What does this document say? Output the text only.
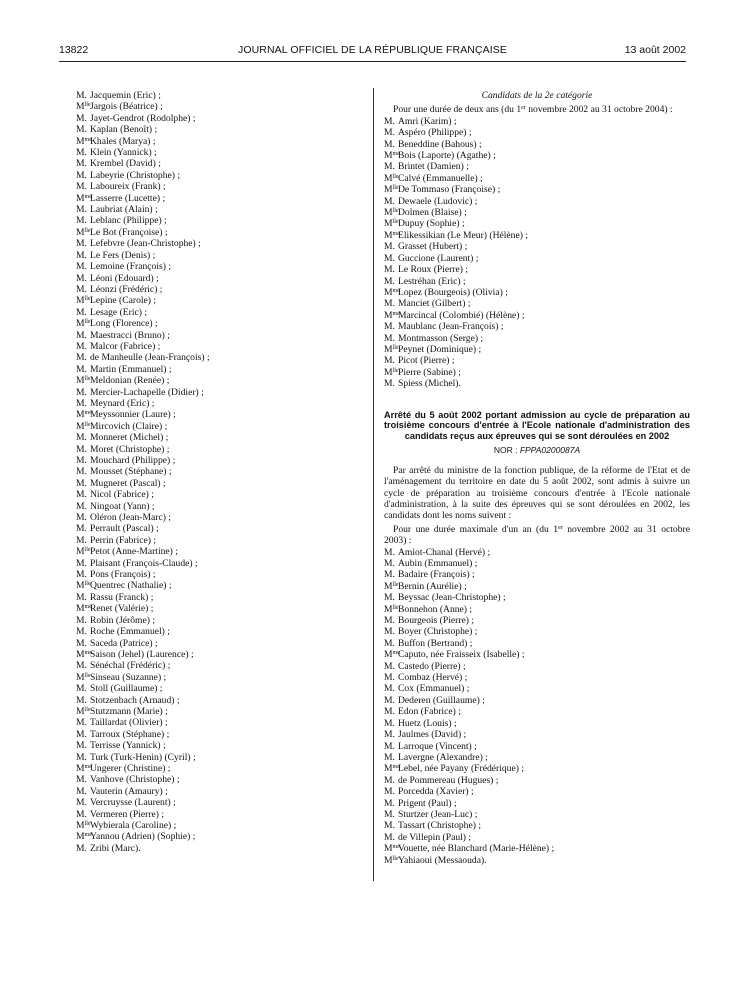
13822	JOURNAL OFFICIEL DE LA RÉPUBLIQUE FRANÇAISE	13 août 2002
M. Jacquemin (Eric) ;
$M^{lle}$ Jargois (Béatrice) ;
M. Jayet-Gendrot (Rodolphe) ;
M. Kaplan (Benoît) ;
$M^{me}$
Khales (Marya) ;
M. Klein (Yannick) ;
M. Krembel (David) ;
M. Labeyrie (Christophe) ;
M. Laboureix (Frank) ;
$M^{me}$
Lasserre (Lucette) ;
M. Laubriat (Alain) ;
M. Leblanc (Philippe) ;
$M^{lle}$ Le Bot (Françoise) ;
M. Lefebvre (Jean-Christophe) ;
M. Le Fers (Denis) ;
M. Lemoine (François) ;
M. Léoni (Edouard) ;
M. Léonzi (Frédéric) ;
$M^{lle}$ Lepine (Carole) ;
M. Lesage (Eric) ;
$M^{lle}$ Long (Florence) ;
M. Maestracci (Bruno) ;
M. Malcor (Fabrice) ;
M. de Manheulle (Jean-François) ;
M. Martin (Emmanuel) ;
$M^{lle}$ Meldonian (Renée) ;
M. Mercier-Lachapelle (Didier) ;
M. Meynard (Eric) ;
$M^{me}$
Meyssonnier (Laure) ;
$M^{lle}$ Mircovich (Claire) ;
M. Monneret (Michel) ;
M. Moret (Christophe) ;
M. Mouchard (Philippe) ;
M. Mousset (Stéphane) ;
M. Mugneret (Pascal) ;
M. Nicol (Fabrice) ;
M. Ningoat (Yann) ;
M. Oléron (Jean-Marc) ;
M. Perrault (Pascal) ;
M. Perrin (Fabrice) ;
$M^{lle}$ Petot (Anne-Martine) ;
M. Plaisant (François-Claude) ;
M. Pons (François) ;
$M^{lle}$ Quentrec (Nathalie) ;
M. Rassu (Franck) ;
$M^{me}$
Renet (Valérie) ;
M. Robin (Jérôme) ;
M. Roche (Emmanuel) ;
M. Saceda (Patrice) ;
$M^{me}$
Saison (Jehel) (Laurence) ;
M. Sénéchal (Frédéric) ;
$M^{lle}$ Sinseau (Suzanne) ;
M. Stoll (Guillaume) ;
M. Stotzenbach (Arnaud) ;
$M^{lle}$ Stutzmann (Marie) ;
M. Taillardat (Olivier) ;
M. Tarroux (Stéphane) ;
M. Terrisse (Yannick) ;
M. Turk (Turk-Henin) (Cyril) ;
$M^{me}$
Ungerer (Christine) ;
M. Vanhove (Christophe) ;
M. Vauterin (Amaury) ;
M. Vercruysse (Laurent) ;
M. Vermeren (Pierre) ;
$M^{lle}$ Wybierala (Caroline) ;
$M^{me}$
Yannou (Adrien) (Sophie) ;
M. Zribi (Marc).
Candidats de la 2e catégorie
Pour une durée de deux ans (du 1er novembre 2002 au 31 octobre 2004) :
M. Amri (Karim) ;
M. Aspéro (Philippe) ;
M. Beneddine (Bahous) ;
$M^{me}$
Bois (Laporte) (Agathe) ;
M. Brintet (Damien) ;
$M^{lle}$ Calvé (Emmanuelle) ;
$M^{lle}$ De Tommaso (Françoise) ;
M. Dewaele (Ludovic) ;
$M^{lle}$ Dolmen (Blaise) ;
$M^{lle}$ Dupuy (Sophie) ;
$M^{me}$
Elikessikian (Le Meur) (Hélène) ;
M. Grasset (Hubert) ;
M. Guccione (Laurent) ;
M. Le Roux (Pierre) ;
M. Lestréhan (Eric) ;
$M^{me}$
Lopez (Bourgeois) (Olivia) ;
M. Manciet (Gilbert) ;
$M^{me}$
Marcincal (Colombié) (Hélène) ;
M. Maublanc (Jean-François) ;
M. Montmasson (Serge) ;
$M^{lle}$ Peynet (Dominique) ;
M. Picot (Pierre) ;
$M^{lle}$ Pierre (Sabine) ;
M. Spiess (Michel).
Arrêté du 5 août 2002 portant admission au cycle de préparation au troisième concours d'entrée à l'Ecole nationale d'administration des candidats reçus aux épreuves qui se sont déroulées en 2002
NOR : FPPA0200087A
Par arrêté du ministre de la fonction publique, de la réforme de l'Etat et de l'aménagement du territoire en date du 5 août 2002, sont admis à suivre un cycle de préparation au troisième concours d'entrée à l'Ecole nationale d'administration, à la suite des épreuves qui se sont déroulées en 2002, les candidats dont les noms suivent :
Pour une durée maximale d'un an (du 1er novembre 2002 au 31 octobre 2003) :
M. Amiot-Chanal (Hervé) ;
M. Aubin (Emmanuel) ;
M. Badaire (François) ;
$M^{lle}$ Bernin (Aurélie) ;
M. Beyssac (Jean-Christophe) ;
$M^{lle}$ Bonnehon (Anne) ;
M. Bourgeois (Pierre) ;
M. Boyer (Christophe) ;
M. Buffon (Bertrand) ;
$M^{me}$
Caputo, née Fraisseix (Isabelle) ;
M. Castedo (Pierre) ;
M. Combaz (Hervé) ;
M. Cox (Emmanuel) ;
M. Dederen (Guillaume) ;
M. Edon (Fabrice) ;
M. Huetz (Louis) ;
M. Jaulmes (David) ;
M. Larroque (Vincent) ;
M. Lavergne (Alexandre) ;
$M^{me}$
Lebel, née Payany (Frédérique) ;
M. de Pommereau (Hugues) ;
M. Porcedda (Xavier) ;
M. Prigent (Paul) ;
M. Sturtzer (Jean-Luc) ;
M. Tassart (Christophe) ;
M. de Villepin (Paul) ;
$M^{me}$
Vouette, née Blanchard (Marie-Hélène) ;
$M^{lle}$ Yahiaoui (Messaouda).
